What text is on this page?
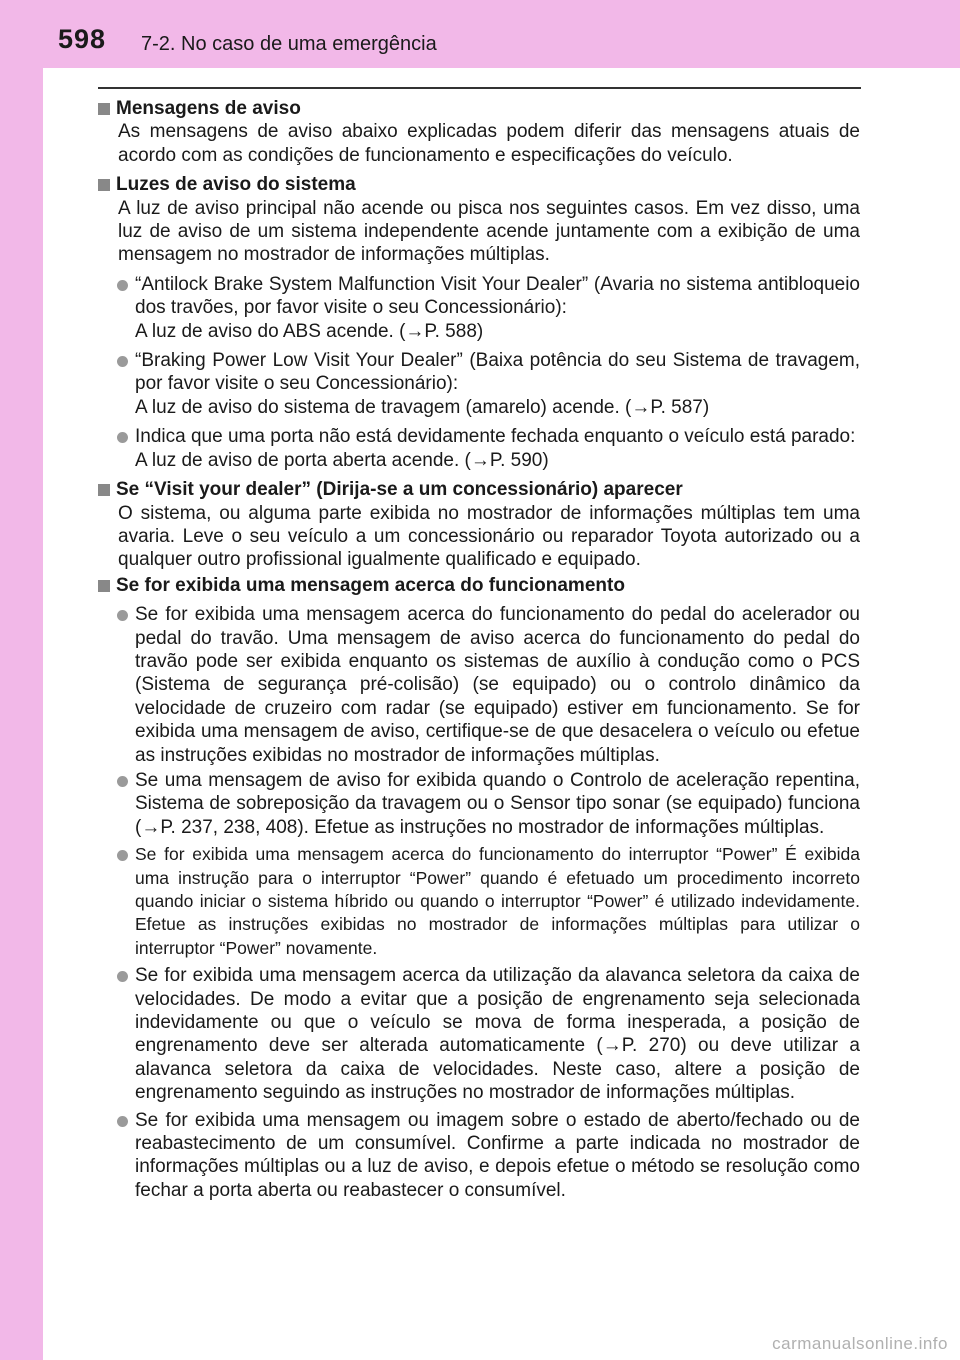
598 7-2. No caso de uma emergência
Mensagens de aviso
As mensagens de aviso abaixo explicadas podem diferir das mensagens atuais de acordo com as condições de funcionamento e especificações do veículo.
Luzes de aviso do sistema
A luz de aviso principal não acende ou pisca nos seguintes casos. Em vez disso, uma luz de aviso de um sistema independente acende juntamente com a exibição de uma mensagem no mostrador de informações múltiplas.
“Antilock Brake System Malfunction Visit Your Dealer” (Avaria no sistema antibloqueio dos travões, por favor visite o seu Concessionário):
A luz de aviso do ABS acende. (→P. 588)
“Braking Power Low Visit Your Dealer” (Baixa potência do seu Sistema de travagem, por favor visite o seu Concessionário):
A luz de aviso do sistema de travagem (amarelo) acende. (→P. 587)
Indica que uma porta não está devidamente fechada enquanto o veículo está parado:
A luz de aviso de porta aberta acende. (→P. 590)
Se “Visit your dealer” (Dirija-se a um concessionário) aparecer
O sistema, ou alguma parte exibida no mostrador de informações múltiplas tem uma avaria. Leve o seu veículo a um concessionário ou reparador Toyota autorizado ou a qualquer outro profissional igualmente qualificado e equipado.
Se for exibida uma mensagem acerca do funcionamento
Se for exibida uma mensagem acerca do funcionamento do pedal do acelerador ou pedal do travão. Uma mensagem de aviso acerca do funcionamento do pedal do travão pode ser exibida enquanto os sistemas de auxílio à condução como o PCS (Sistema de segurança pré-colisão) (se equipado) ou o controlo dinâmico da velocidade de cruzeiro com radar (se equipado) estiver em funcionamento. Se for exibida uma mensagem de aviso, certifique-se de que desacelera o veículo ou efetue as instruções exibidas no mostrador de informações múltiplas.
Se uma mensagem de aviso for exibida quando o Controlo de aceleração repentina, Sistema de sobreposição da travagem ou o Sensor tipo sonar (se equipado) funciona (→P. 237, 238, 408). Efetue as instruções no mostrador de informações múltiplas.
Se for exibida uma mensagem acerca do funcionamento do interruptor “Power” É exibida uma instrução para o interruptor “Power” quando é efetuado um procedimento incorreto quando iniciar o sistema híbrido ou quando o interruptor “Power” é utilizado indevidamente. Efetue as instruções exibidas no mostrador de informações múltiplas para utilizar o interruptor “Power” novamente.
Se for exibida uma mensagem acerca da utilização da alavanca seletora da caixa de velocidades. De modo a evitar que a posição de engrenamento seja selecionada indevidamente ou que o veículo se mova de forma inesperada, a posição de engrenamento deve ser alterada automaticamente (→P. 270) ou deve utilizar a alavanca seletora da caixa de velocidades. Neste caso, altere a posição de engrenamento seguindo as instruções no mostrador de informações múltiplas.
Se for exibida uma mensagem ou imagem sobre o estado de aberto/fechado ou de reabastecimento de um consumível. Confirme a parte indicada no mostrador de informações múltiplas ou a luz de aviso, e depois efetue o método se resolução como fechar a porta aberta ou reabastecer o consumível.
carmanualsonline.info
